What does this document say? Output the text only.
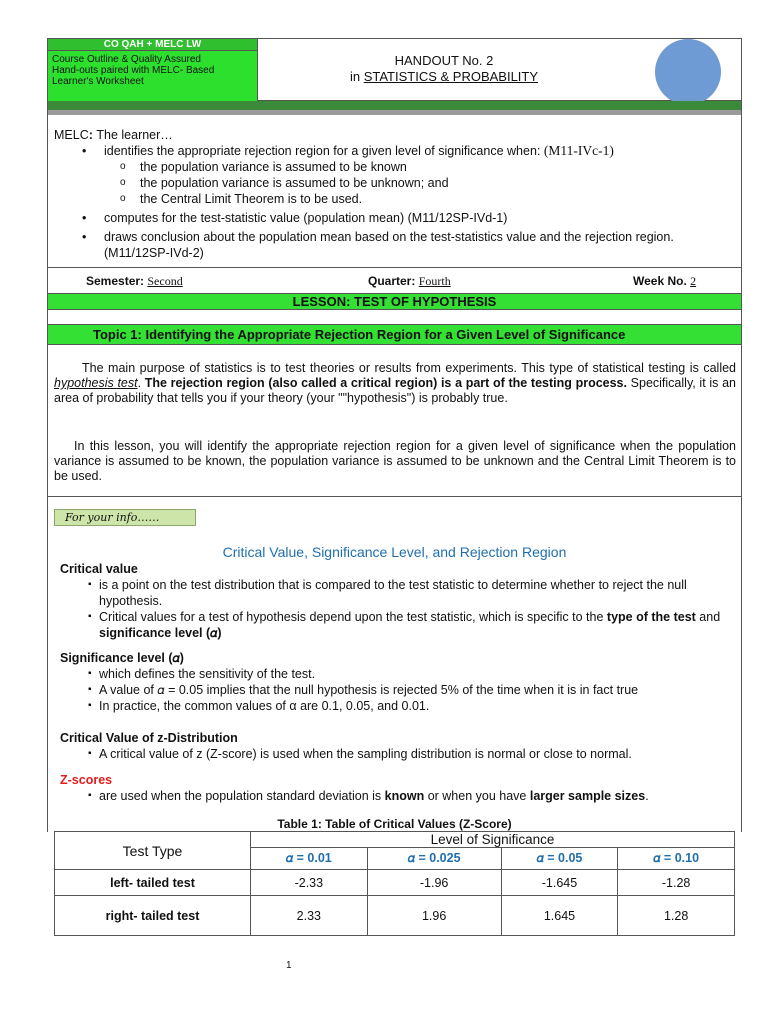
CO QAH + MELC LW
Course Outline & Quality Assured
Hand-outs paired with MELC- Based
Learner's Worksheet
HANDOUT No. 2
in STATISTICS & PROBABILITY
MELC: The learner…
• identifies the appropriate rejection region for a given level of significance when: (M11-IVc-1)
o the population variance is assumed to be known
o the population variance is assumed to be unknown; and
o the Central Limit Theorem is to be used.
• computes for the test-statistic value (population mean) (M11/12SP-IVd-1)
• draws conclusion about the population mean based on the test-statistics value and the rejection region. (M11/12SP-IVd-2)
Semester: Second	Quarter: Fourth	Week No. 2
LESSON: TEST OF HYPOTHESIS
Topic 1: Identifying the Appropriate Rejection Region for a Given Level of Significance
The main purpose of statistics is to test theories or results from experiments. This type of statistical testing is called hypothesis test. The rejection region (also called a critical region) is a part of the testing process. Specifically, it is an area of probability that tells you if your theory (your ""hypothesis") is probably true.
In this lesson, you will identify the appropriate rejection region for a given level of significance when the population variance is assumed to be known, the population variance is assumed to be unknown and the Central Limit Theorem is to be used.
For your info……
Critical Value, Significance Level, and Rejection Region
Critical value
▪ is a point on the test distribution that is compared to the test statistic to determine whether to reject the null hypothesis.
▪ Critical values for a test of hypothesis depend upon the test statistic, which is specific to the type of the test and significance level (𝛼)
Significance level (𝛼)
▪ which defines the sensitivity of the test.
▪ A value of 𝛼 = 0.05 implies that the null hypothesis is rejected 5% of the time when it is in fact true
▪ In practice, the common values of α are 0.1, 0.05, and 0.01.
Critical Value of z-Distribution
▪ A critical value of z (Z-score) is used when the sampling distribution is normal or close to normal.
Z-scores
▪ are used when the population standard deviation is known or when you have larger sample sizes.
Table 1: Table of Critical Values (Z-Score)
Test Type	Level of Significance			
	𝛼 = 0.01	𝛼 = 0.025	𝛼 = 0.05	𝛼 = 0.10
left- tailed test	-2.33	-1.96	-1.645	-1.28
right- tailed test	2.33	1.96	1.645	1.28
1
